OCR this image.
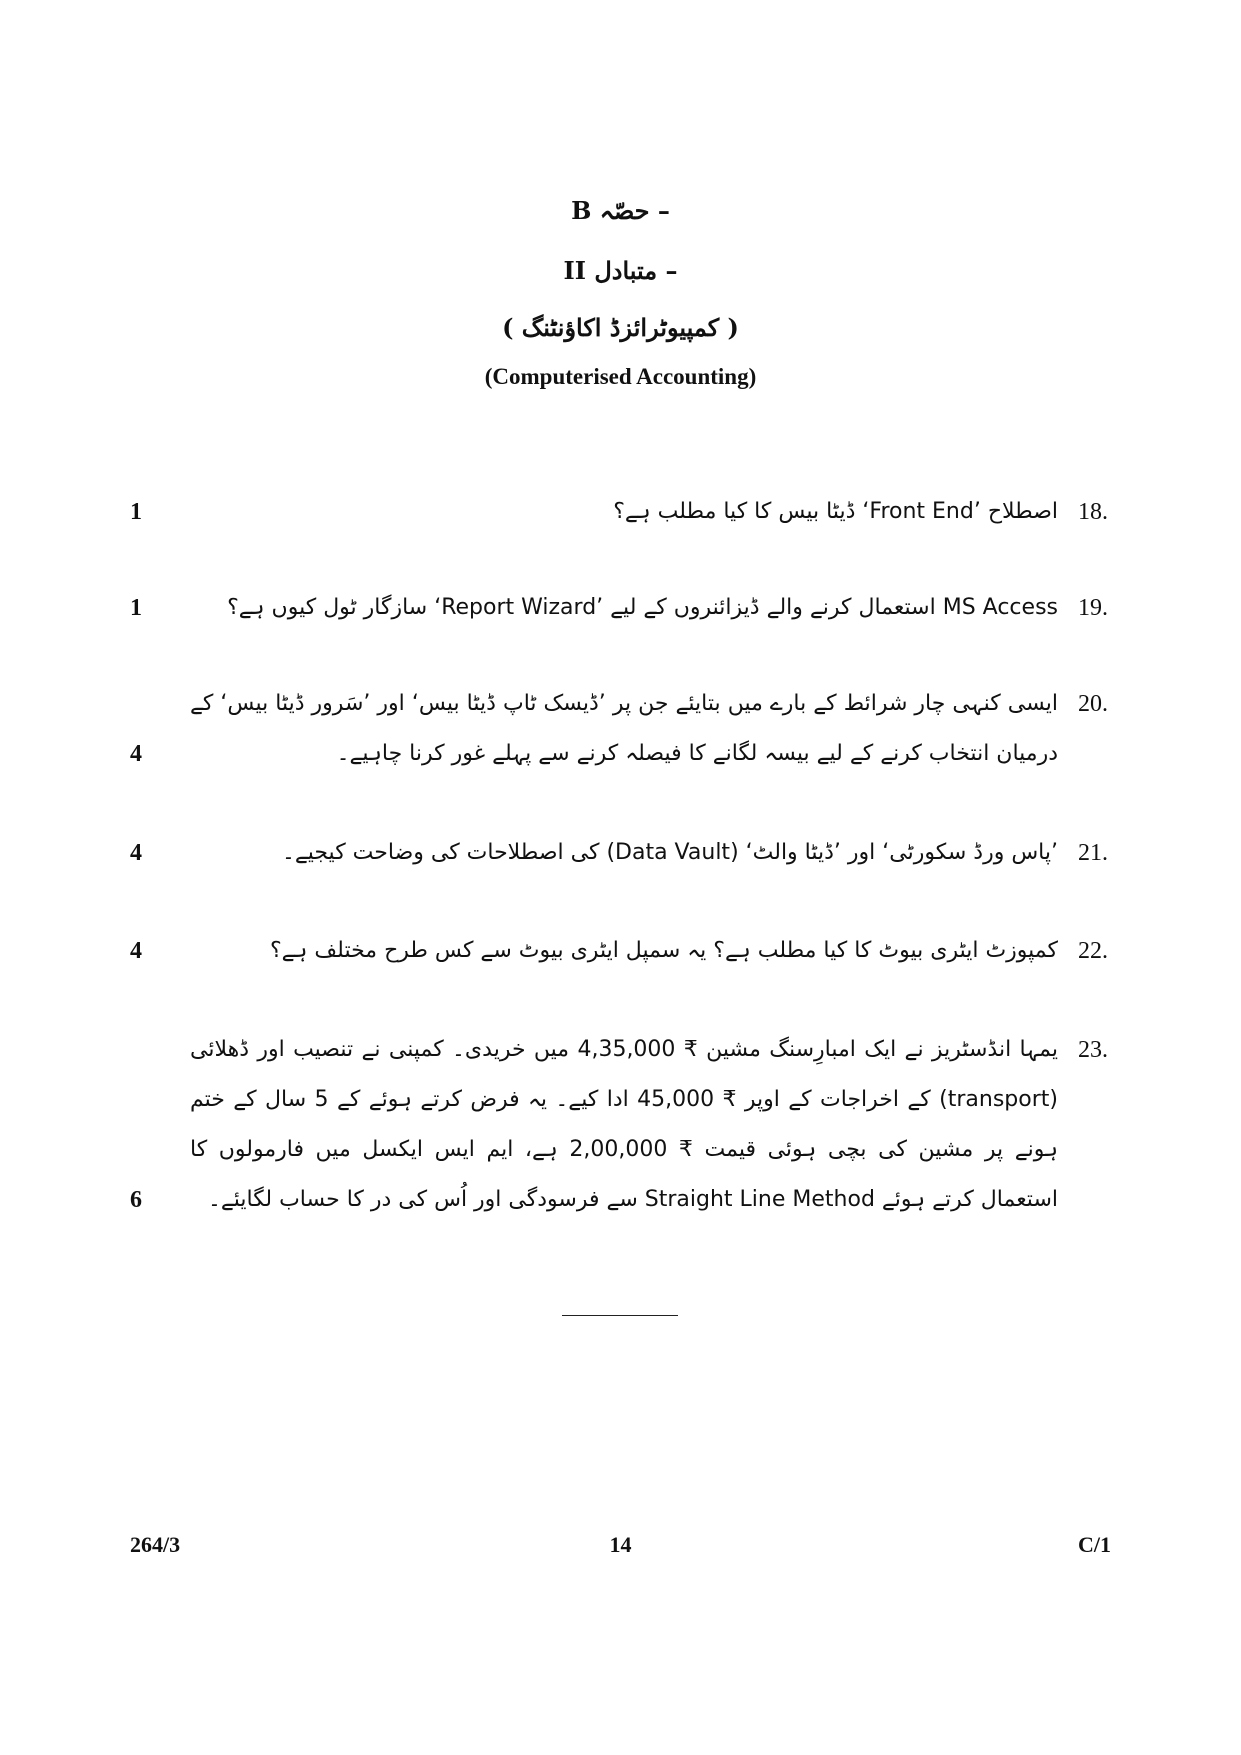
B حصّہ –
II متبادل –
( کمپیوٹرائزڈ اکاؤنٹنگ )
(Computerised Accounting)
18.
اصطلاح ’Front End‘ ڈیٹا بیس کا کیا مطلب ہے؟
1
19.
MS Access استعمال کرنے والے ڈیزائنروں کے لیے ’Report Wizard‘ سازگار ٹول کیوں ہے؟
1
20.
ایسی کنہی چار شرائط کے بارے میں بتایئے جن پر ’ڈیسک ٹاپ ڈیٹا بیس‘ اور ’سَرور ڈیٹا بیس‘ کے درمیان انتخاب کرنے کے لیے بیسہ لگانے کا فیصلہ کرنے سے پہلے غور کرنا چاہیے۔
4
21.
’پاس ورڈ سکورٹی‘ اور ’ڈیٹا والٹ‘ (Data Vault) کی اصطلاحات کی وضاحت کیجیے۔
4
22.
کمپوزٹ ایٹری بیوٹ کا کیا مطلب ہے؟ یہ سمپل ایٹری بیوٹ سے کس طرح مختلف ہے؟
4
23.
یمہا انڈسٹریز نے ایک امبارِسنگ مشین ₹ 4,35,000 میں خریدی۔ کمپنی نے تنصیب اور ڈھلائی (transport) کے اخراجات کے اوپر ₹ 45,000 ادا کیے۔ یہ فرض کرتے ہوئے کے 5 سال کے ختم ہونے پر مشین کی بچی ہوئی قیمت ₹ 2,00,000 ہے، ایم ایس ایکسل میں فارمولوں کا استعمال کرتے ہوئے Straight Line Method سے فرسودگی اور اُس کی در کا حساب لگایئے۔
6
264/3	14	C/1
